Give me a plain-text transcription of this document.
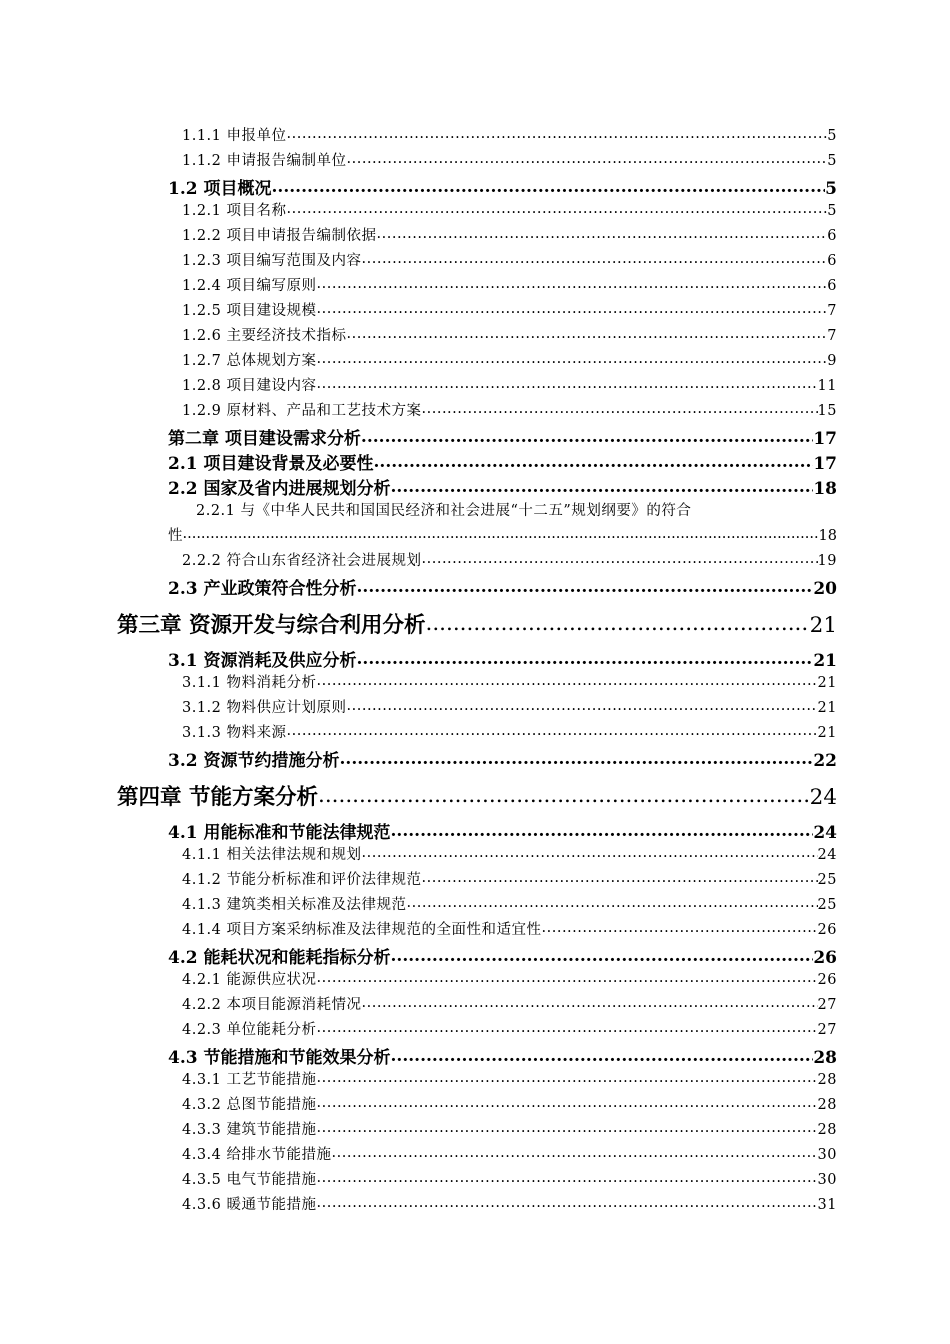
1.1.1 申报单位 .....	5
1.1.2 申请报告编制单位 .....	5
1.2 项目概况 .....	5
1.2.1 项目名称 .....	5
1.2.2 项目申请报告编制依据 .....	6
1.2.3 项目编写范围及内容 .....	6
1.2.4 项目编写原则 .....	6
1.2.5 项目建设规模 .....	7
1.2.6 主要经济技术指标 .....	7
1.2.7 总体规划方案 .....	9
1.2.8 项目建设内容 .....	11
1.2.9 原材料、产品和工艺技术方案 .....	15
第二章 项目建设需求分析 .....	17
2.1 项目建设背景及必要性 .....	17
2.2 国家及省内进展规划分析 .....	18
2.2.1 与《中华人民共和国国民经济和社会进展“十二五”规划纲要》的符合
性 .....	18
2.2.2 符合山东省经济社会进展规划 .....	19
2.3 产业政策符合性分析 .....	20
第三章 资源开发与综合利用分析 .....	21
3.1 资源消耗及供应分析 .....	21
3.1.1 物料消耗分析 .....	21
3.1.2 物料供应计划原则 .....	21
3.1.3 物料来源 .....	21
3.2 资源节约措施分析 .....	22
第四章 节能方案分析 .....	24
4.1 用能标准和节能法律规范 .....	24
4.1.1 相关法律法规和规划 .....	24
4.1.2 节能分析标准和评价法律规范 .....	25
4.1.3 建筑类相关标准及法律规范 .....	25
4.1.4 项目方案采纳标准及法律规范的全面性和适宜性 .....	26
4.2 能耗状况和能耗指标分析 .....	26
4.2.1 能源供应状况 .....	26
4.2.2 本项目能源消耗情况 .....	27
4.2.3 单位能耗分析 .....	27
4.3 节能措施和节能效果分析 .....	28
4.3.1 工艺节能措施 .....	28
4.3.2 总图节能措施 .....	28
4.3.3 建筑节能措施 .....	28
4.3.4 给排水节能措施 .....	30
4.3.5 电气节能措施 .....	30
4.3.6 暖通节能措施 .....	31
